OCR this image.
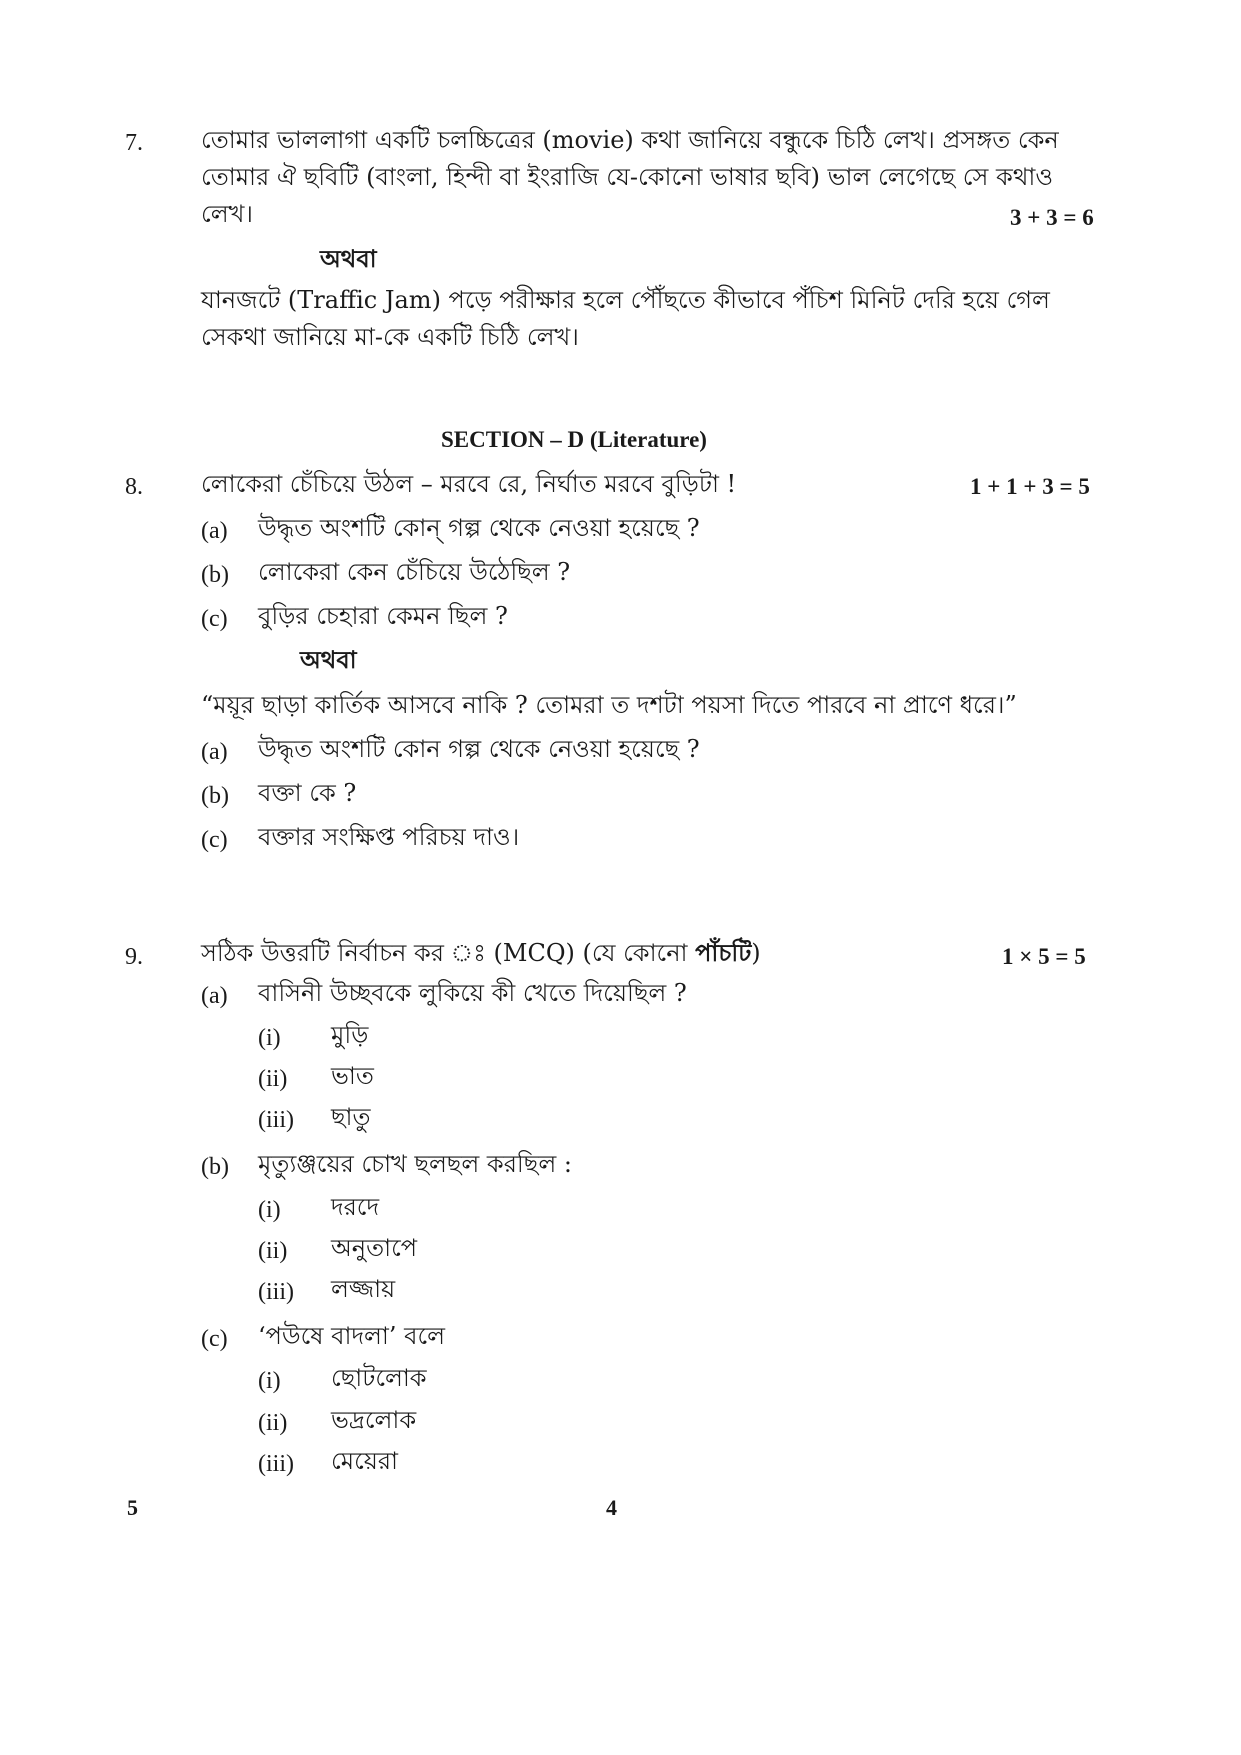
7. তোমার ভাললাগা একটি চলচ্চিত্রের (movie) কথা জানিয়ে বন্ধুকে চিঠি লেখ। প্রসঙ্গত কেন
তোমার ঐ ছবিটি (বাংলা, হিন্দী বা ইংরাজি যে-কোনো ভাষার ছবি) ভাল লেগেছে সে কথাও
লেখ।	3 + 3 = 6
অথবা
যানজটে (Traffic Jam) পড়ে পরীক্ষার হলে পৌঁছতে কীভাবে পঁচিশ মিনিট দেরি হয়ে গেল
সেকথা জানিয়ে মা-কে একটি চিঠি লেখ।
SECTION – D (Literature)
8. লোকেরা চেঁচিয়ে উঠল – মরবে রে, নির্ঘাত মরবে বুড়িটা !	1 + 1 + 3 = 5
(a) উদ্ধৃত অংশটি কোন্ গল্প থেকে নেওয়া হয়েছে ?
(b) লোকেরা কেন চেঁচিয়ে উঠেছিল ?
(c) বুড়ির চেহারা কেমন ছিল ?
অথবা
“ময়ূর ছাড়া কার্তিক আসবে নাকি ? তোমরা ত দশটা পয়সা দিতে পারবে না প্রাণে ধরে।”
(a) উদ্ধৃত অংশটি কোন গল্প থেকে নেওয়া হয়েছে ?
(b) বক্তা কে ?
(c) বক্তার সংক্ষিপ্ত পরিচয় দাও।
9. সঠিক উত্তরটি নির্বাচন কর ঃ (MCQ) (যে কোনো পাঁচটি)	1 × 5 = 5
(a) বাসিনী উচ্ছবকে লুকিয়ে কী খেতে দিয়েছিল ?
(i) মুড়ি
(ii) ভাত
(iii) ছাতু
(b) মৃত্যুঞ্জয়ের চোখ ছলছল করছিল :
(i) দরদে
(ii) অনুতাপে
(iii) লজ্জায়
(c) ‘পউষে বাদলা’ বলে
(i) ছোটলোক
(ii) ভদ্রলোক
(iii) মেয়েরা
5	4
